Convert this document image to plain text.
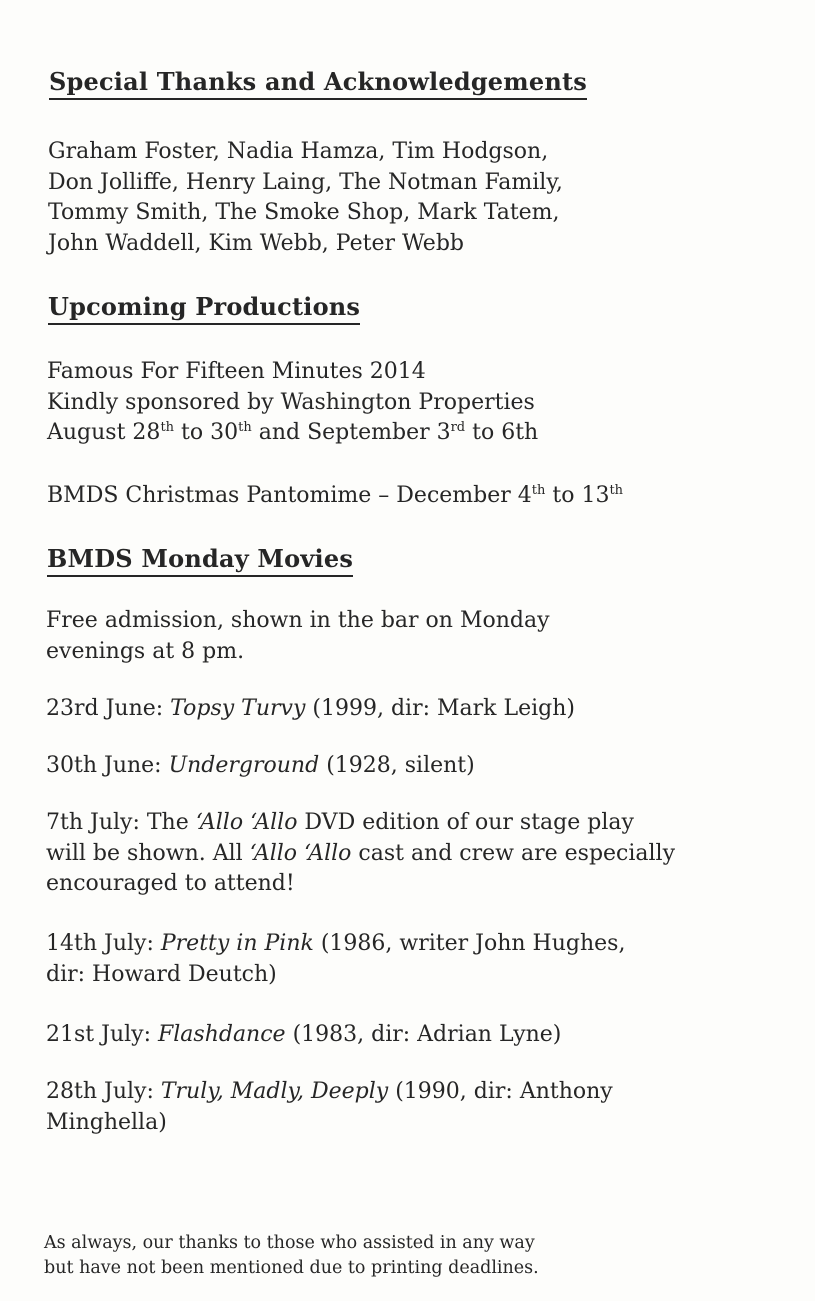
Special Thanks and Acknowledgements

Graham Foster, Nadia Hamza, Tim Hodgson,
Don Jolliffe, Henry Laing, The Notman Family,
Tommy Smith, The Smoke Shop, Mark Tatem,
John Waddell, Kim Webb, Peter Webb

Upcoming Productions

Famous For Fifteen Minutes 2014
Kindly sponsored by Washington Properties
August 28th to 30th and September 3rd to 6th

BMDS Christmas Pantomime – December 4th to 13th

BMDS Monday Movies

Free admission, shown in the bar on Monday
evenings at 8 pm.

23rd June: Topsy Turvy (1999, dir: Mark Leigh)

30th June: Underground (1928, silent)

7th July: The ‘Allo ‘Allo DVD edition of our stage play
will be shown. All ‘Allo ‘Allo cast and crew are especially
encouraged to attend!

14th July: Pretty in Pink (1986, writer John Hughes,
dir: Howard Deutch)

21st July: Flashdance (1983, dir: Adrian Lyne)

28th July: Truly, Madly, Deeply (1990, dir: Anthony
Minghella)

As always, our thanks to those who assisted in any way
but have not been mentioned due to printing deadlines.
